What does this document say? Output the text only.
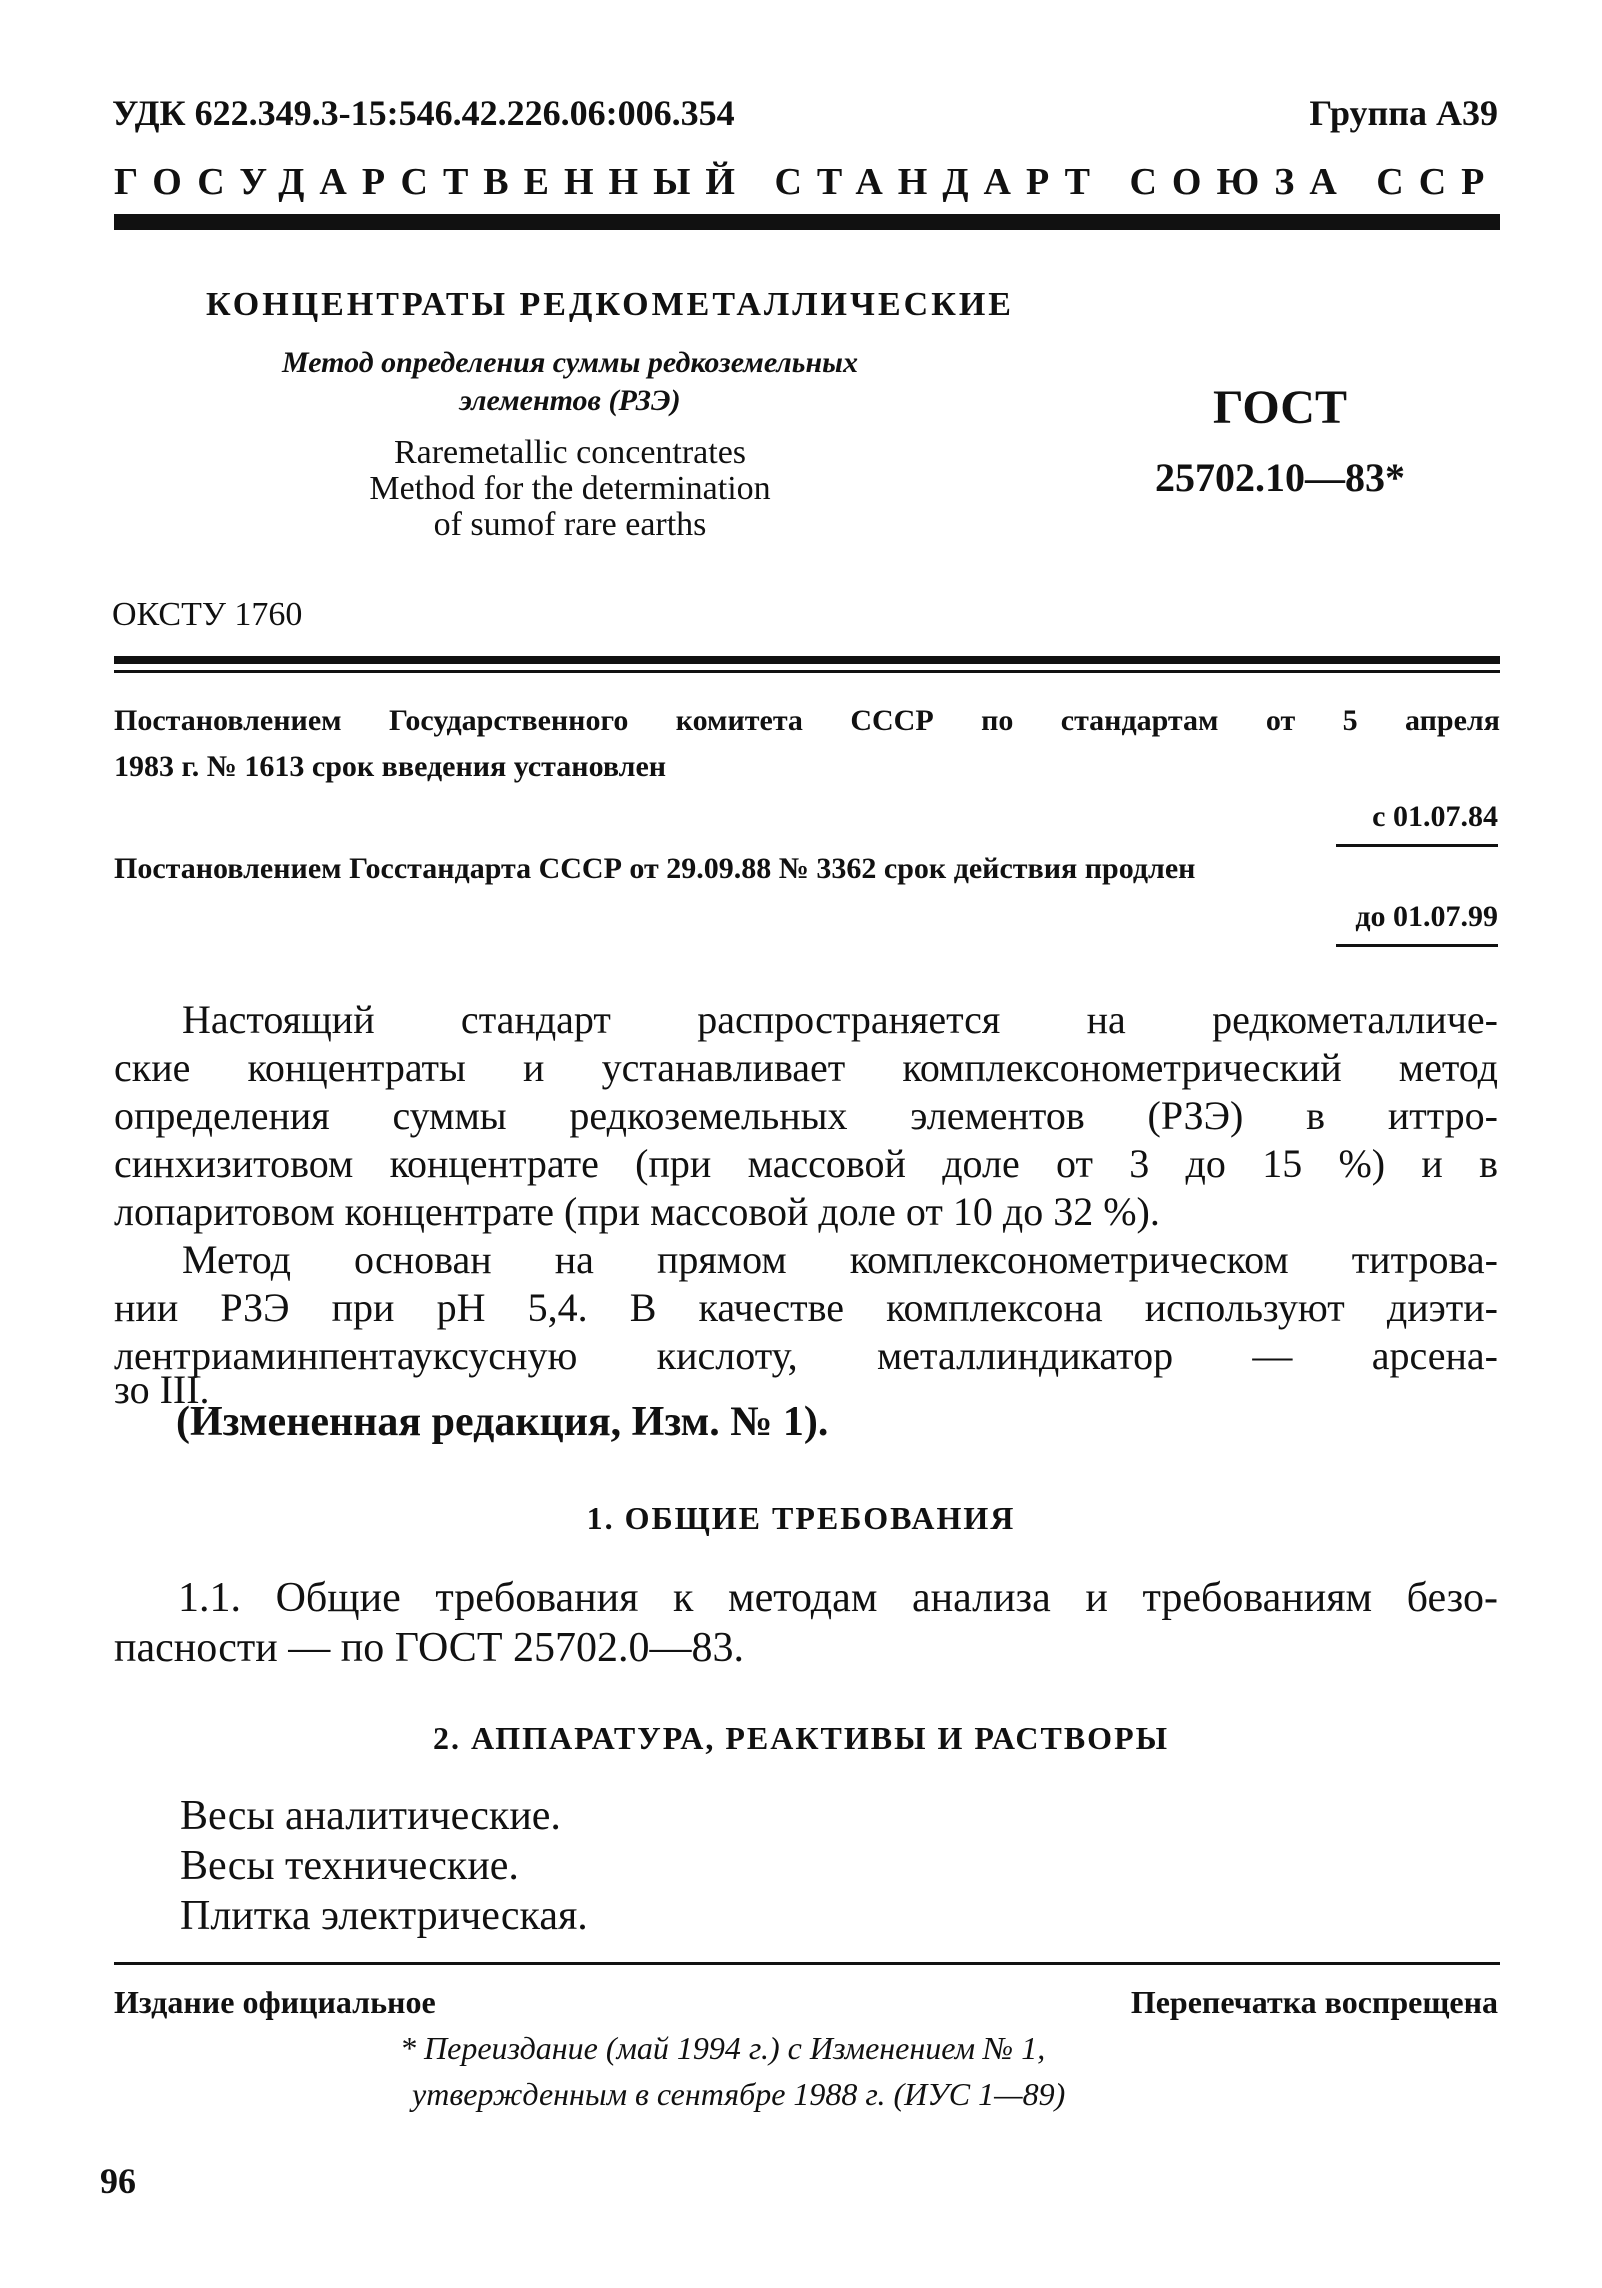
УДК 622.349.3-15:546.42.226.06:006.354	Группа А39
ГОСУДАРСТВЕННЫЙ СТАНДАРТ СОЮЗА ССР
КОНЦЕНТРАТЫ РЕДКОМЕТАЛЛИЧЕСКИЕ
Метод определения суммы редкоземельных
элементов (РЗЭ)
Raremetallic concentrates
Method for the determination
of sumof rare earths
ГОСТ
25702.10—83*
ОКСТУ 1760
Постановлением Государственного комитета СССР по стандартам от 5 апреля
1983 г. № 1613 срок введения установлен
с 01.07.84
Постановлением Госстандарта СССР от 29.09.88 № 3362 срок действия продлен
до 01.07.99
Настоящий стандарт распространяется на редкометалличе-
ские концентраты и устанавливает комплексонометрический метод
определения суммы редкоземельных элементов (РЗЭ) в иттро-
синхизитовом концентрате (при массовой доле от 3 до 15 %) и в
лопаритовом концентрате (при массовой доле от 10 до 32 %).
Метод основан на прямом комплексонометрическом титрова-
нии РЗЭ при pH 5,4. В качестве комплексона используют диэти-
лентриаминпентауксусную кислоту, металлиндикатор — арсена-
зо III.
(Измененная редакция, Изм. № 1).
1. ОБЩИЕ ТРЕБОВАНИЯ
1.1. Общие требования к методам анализа и требованиям безо-
пасности — по ГОСТ 25702.0—83.
2. АППАРАТУРА, РЕАКТИВЫ И РАСТВОРЫ
Весы аналитические.
Весы технические.
Плитка электрическая.
Издание официальное	Перепечатка воспрещена
* Переиздание (май 1994 г.) с Изменением № 1,
утвержденным в сентябре 1988 г. (ИУС 1—89)
96
